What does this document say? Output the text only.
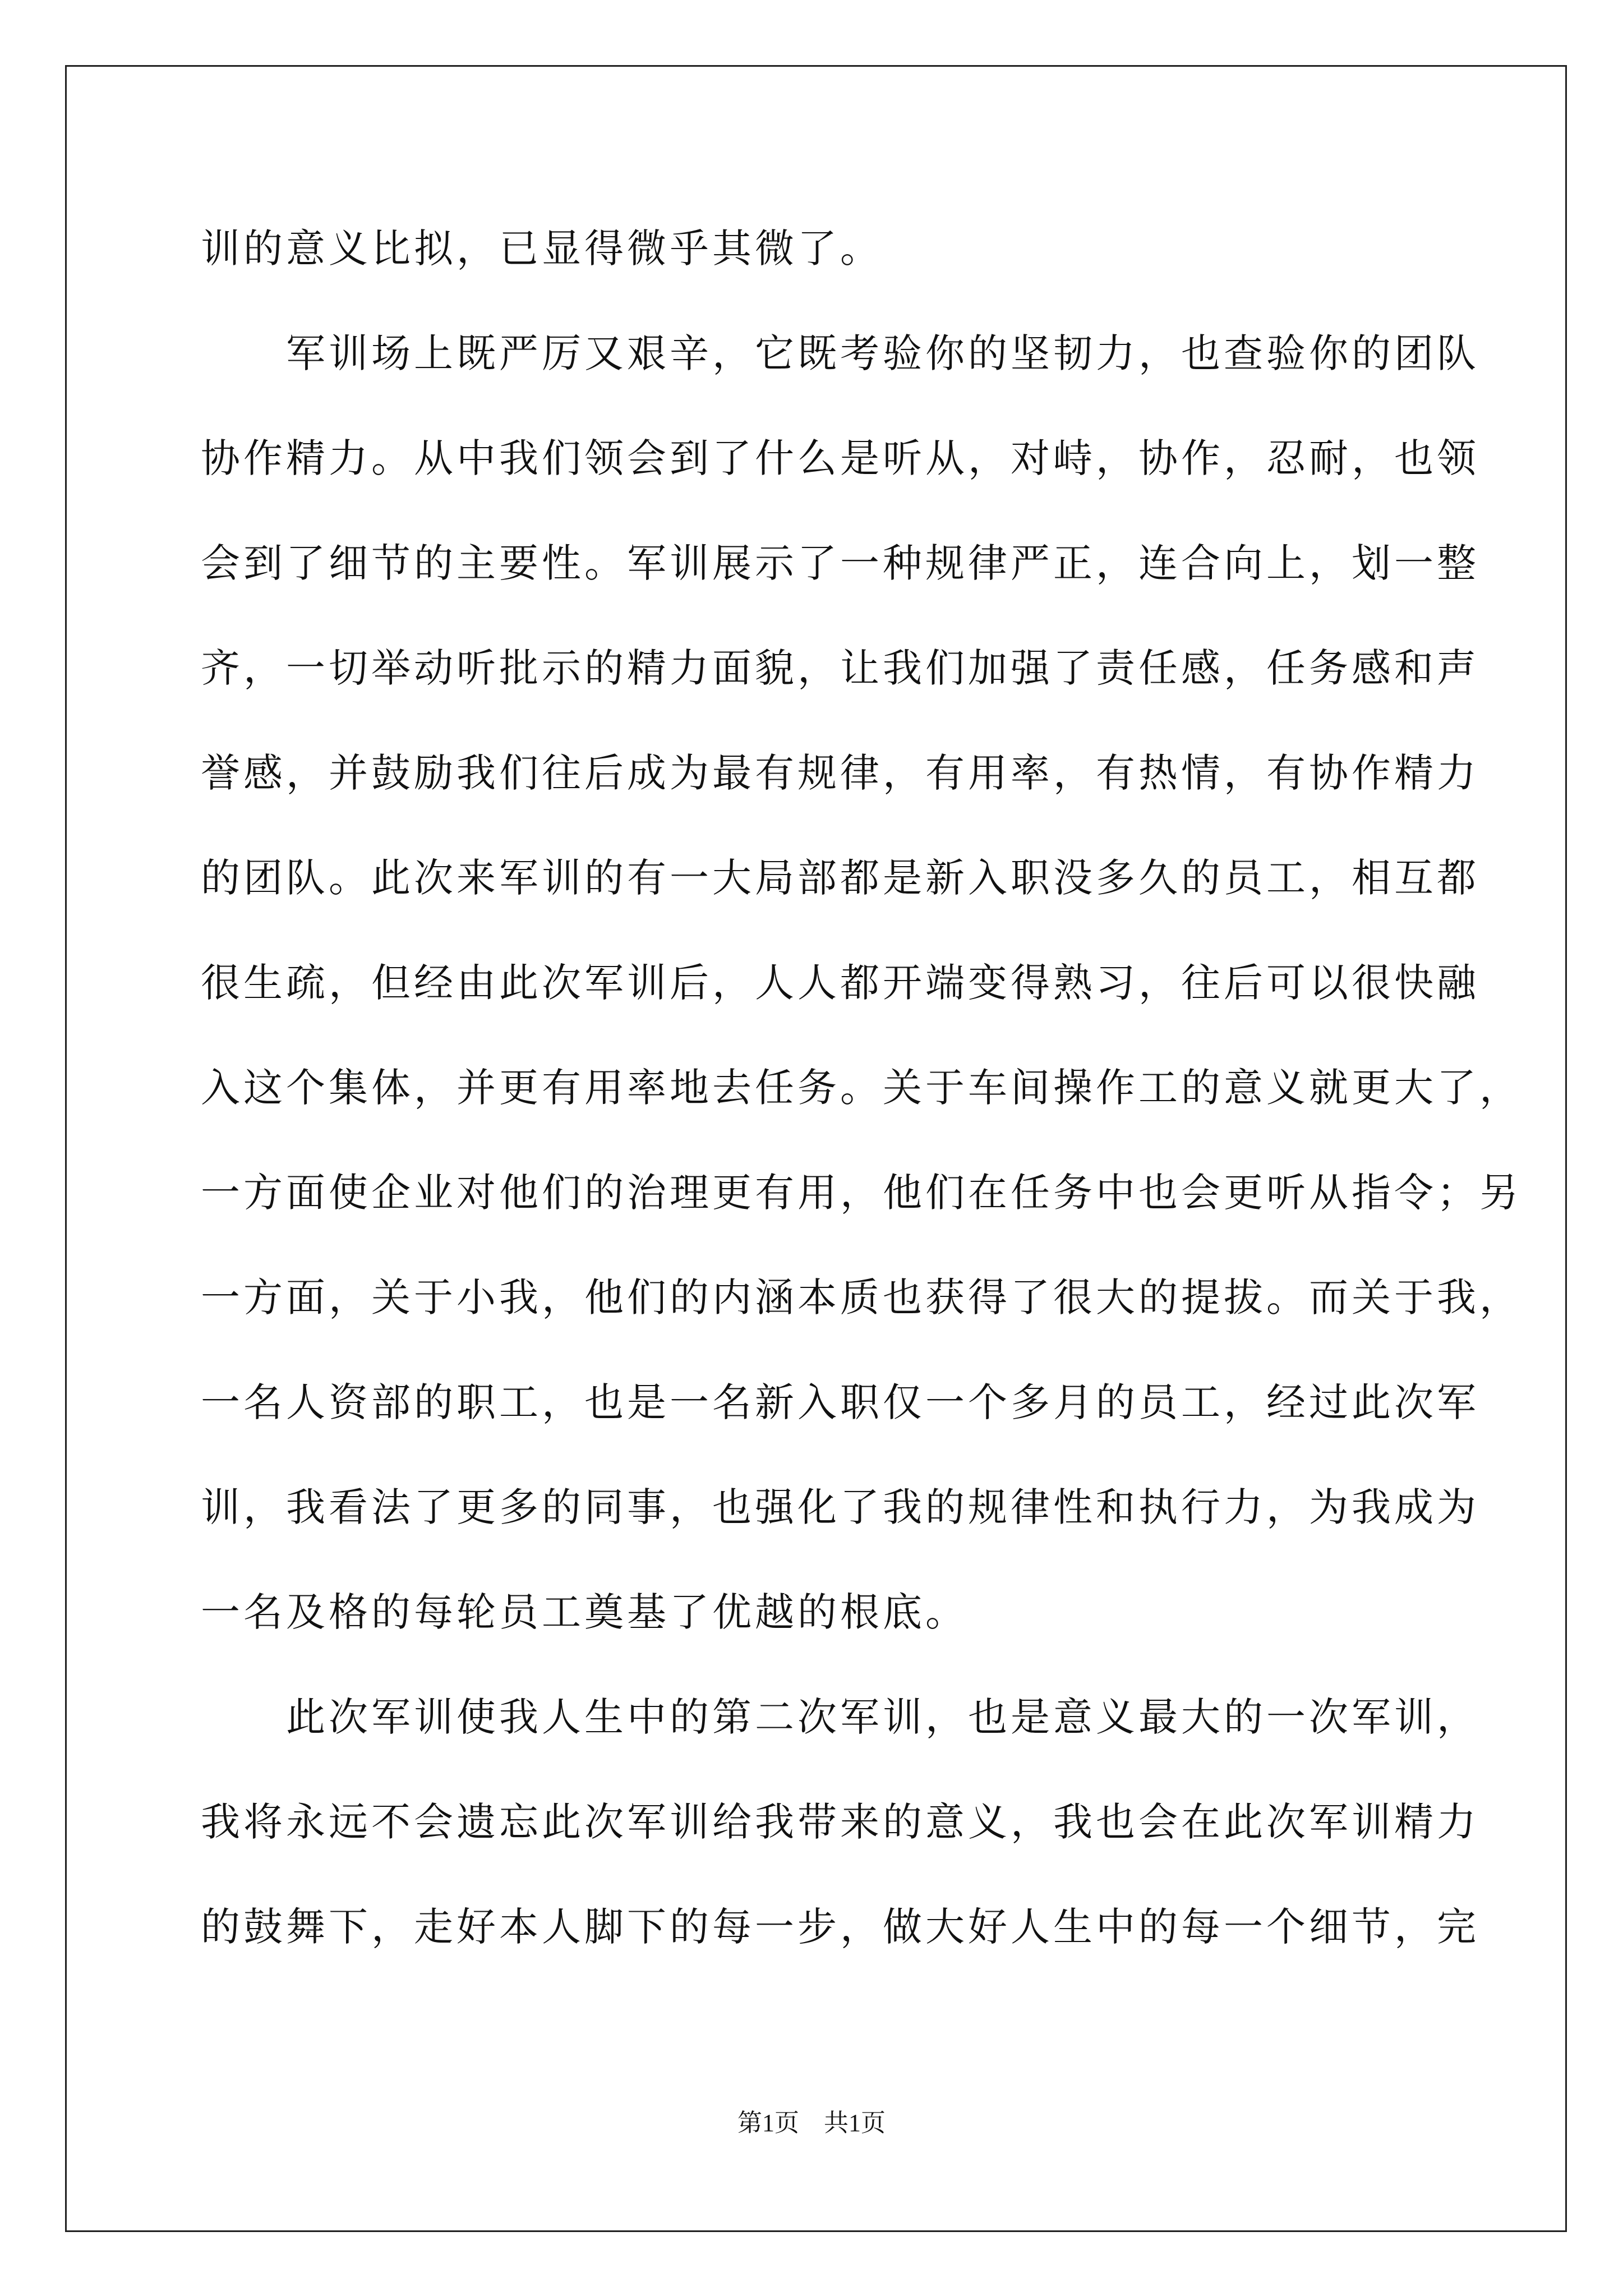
训的意义比拟，已显得微乎其微了。
　　军训场上既严厉又艰辛，它既考验你的坚韧力，也查验你的团队
协作精力。从中我们领会到了什么是听从，对峙，协作，忍耐，也领
会到了细节的主要性。军训展示了一种规律严正，连合向上，划一整
齐，一切举动听批示的精力面貌，让我们加强了责任感，任务感和声
誉感，并鼓励我们往后成为最有规律，有用率，有热情，有协作精力
的团队。此次来军训的有一大局部都是新入职没多久的员工，相互都
很生疏，但经由此次军训后，人人都开端变得熟习，往后可以很快融
入这个集体，并更有用率地去任务。关于车间操作工的意义就更大了，
一方面使企业对他们的治理更有用，他们在任务中也会更听从指令；另
一方面，关于小我，他们的内涵本质也获得了很大的提拔。而关于我，
一名人资部的职工，也是一名新入职仅一个多月的员工，经过此次军
训，我看法了更多的同事，也强化了我的规律性和执行力，为我成为
一名及格的每轮员工奠基了优越的根底。
　　此次军训使我人生中的第二次军训，也是意义最大的一次军训，
我将永远不会遗忘此次军训给我带来的意义，我也会在此次军训精力
的鼓舞下，走好本人脚下的每一步，做大好人生中的每一个细节，完
第1页　共1页
